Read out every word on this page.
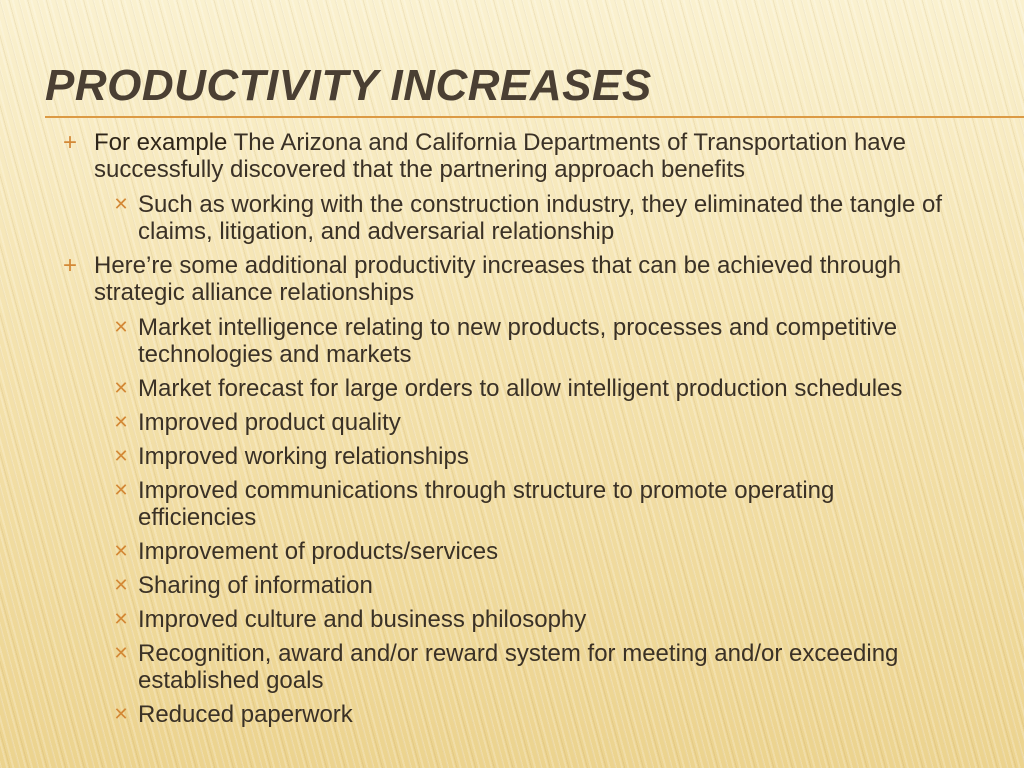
PRODUCTIVITY INCREASES
+ For example The Arizona and California Departments of Transportation have successfully discovered that the partnering approach benefits
✕ Such as working with the construction industry, they eliminated the tangle of claims, litigation, and adversarial relationship
+ Here’re some additional productivity increases that can be achieved through strategic alliance relationships
✕ Market intelligence relating to new products, processes and competitive technologies and markets
✕ Market forecast for large orders to allow intelligent production schedules
✕ Improved product quality
✕ Improved working relationships
✕ Improved communications through structure to promote operating efficiencies
✕ Improvement of products/services
✕ Sharing of information
✕ Improved culture and business philosophy
✕ Recognition, award and/or reward system for meeting and/or exceeding established goals
✕ Reduced paperwork
